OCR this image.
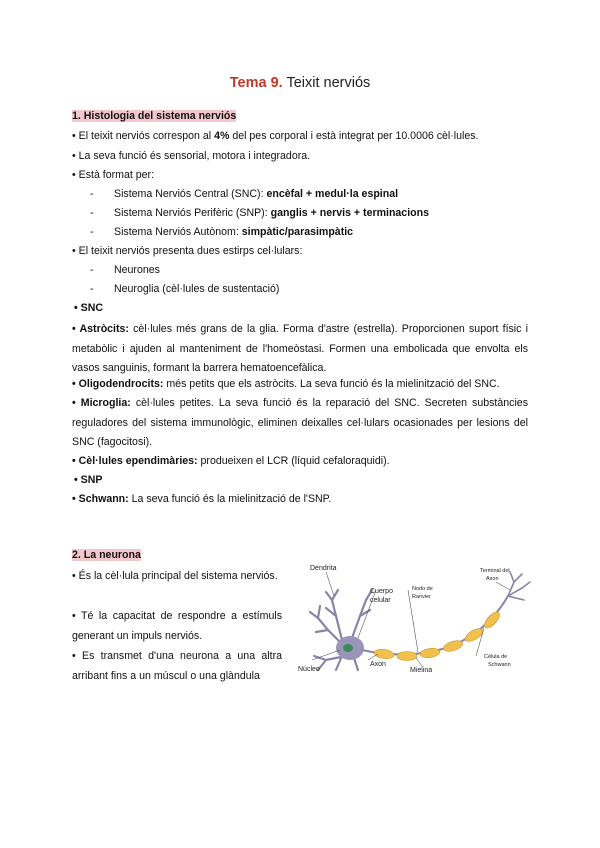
Tema 9. Teixit nerviós
1. Histologia del sistema nerviós
• El teixit nerviós correspon al 4% del pes corporal i està integrat per 10.0006 cèl·lules.
• La seva funció és sensorial, motora i integradora.
• Està format per:
- Sistema Nerviós Central (SNC): encèfal + medul·la espinal
- Sistema Nerviós Perifèric (SNP): ganglis + nervis + terminacions
- Sistema Nerviós Autònom: simpàtic/parasimpàtic
• El teixit nerviós presenta dues estirps cel·lulars:
- Neurones
- Neuroglia (cèl·lules de sustentació)
• SNC
• Astròcits: cèl·lules més grans de la glia. Forma d'astre (estrella). Proporcionen suport físic i metabòlic i ajuden al manteniment de l'homeòstasi. Formen una embolicada que envolta els vasos sanguinis, formant la barrera hematoencefàlica.
• Oligodendrocits: més petits que els astròcits. La seva funció és la mielinització del SNC.
• Microglia: cèl·lules petites. La seva funció és la reparació del SNC. Secreten substàncies reguladores del sistema immunològic, eliminen deixalles cel·lulars ocasionades per lesions del SNC (fagocitosi).
• Cèl·lules ependimàries: produeixen el LCR (líquid cefaloraquidi).
• SNP
• Schwann: La seva funció és la mielinització de l'SNP.
2. La neurona
• És la cèl·lula principal del sistema nerviós.
• Té la capacitat de respondre a estímuls generant un impuls nerviós.
• Es transmet d'una neurona a una altra arribant fins a un múscul o una glàndula
Dendrita
Cuerpo
celular
Nodo de
Ranvier
Terminal del
Axon
Axon
Célula de
Schwann
Mielina
Núcleo
